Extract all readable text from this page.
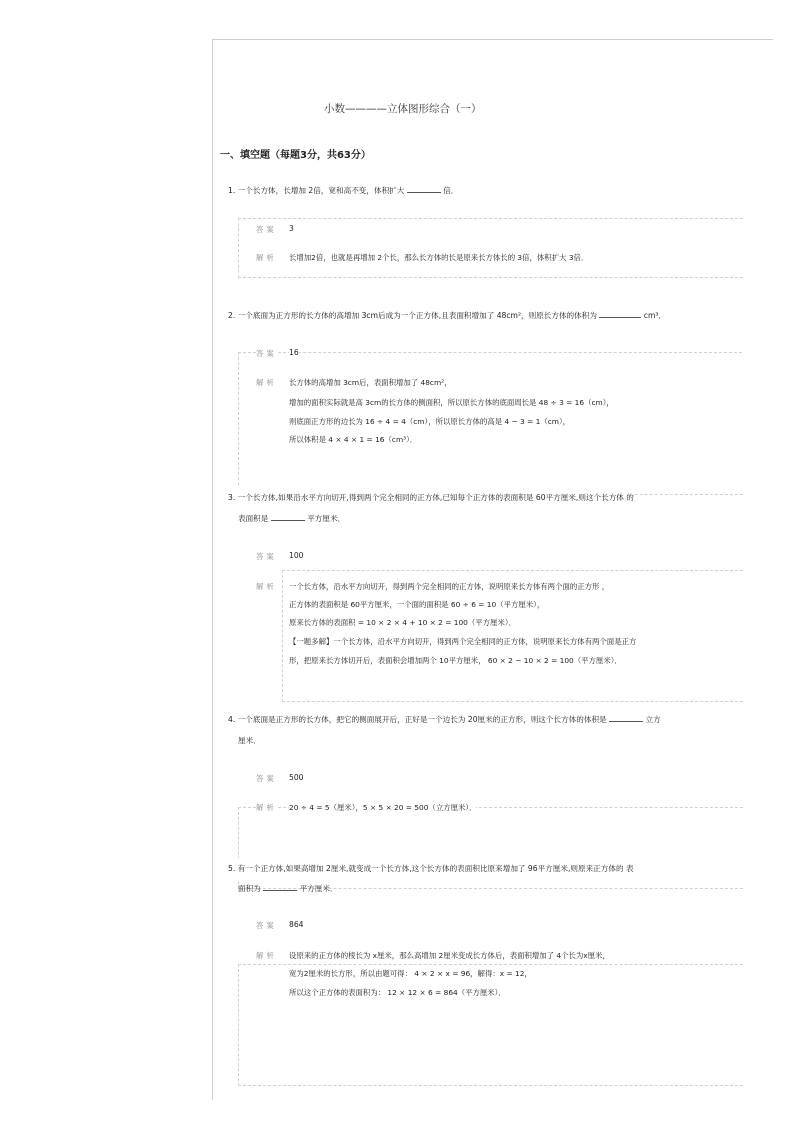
小数————立体图形综合（一）
一、填空题（每题3分，共63分）
1. 一个长方体，长增加 2倍，宽和高不变，体积扩大	倍．
答案 3
解析 长增加2倍，也就是再增加 2个长，那么长方体的长是原来长方体长的 3倍，体积扩大 3倍．
2. 一个底面为正方形的长方体的高增加 3cm后成为一个正方体,且表面积增加了 48cm²，则原长方体的体积为	cm³．
答案 16
解析 长方体的高增加 3cm后，表面积增加了 48cm²，
增加的面积实际就是高 3cm的长方体的侧面积，所以原长方体的底面周长是 48 ÷ 3 = 16（cm），
则底面正方形的边长为 16 ÷ 4 = 4（cm），所以原长方体的高是 4 − 3 = 1（cm），
所以体积是 4 × 4 × 1 = 16（cm³）．
3. 一个长方体,如果沿水平方向切开,得到两个完全相同的正方体,已知每个正方体的表面积是 60平方厘米,则这个长方体 的
表面积是	平方厘米．
答案 100
解析 一个长方体，沿水平方向切开，得到两个完全相同的正方体，说明原来长方体有两个面的正方形 ，
正方体的表面积是 60平方厘米，一个面的面积是 60 ÷ 6 = 10（平方厘米），
原来长方体的表面积 = 10 × 2 × 4 + 10 × 2 = 100（平方厘米）．
【一题多解】一个长方体，沿水平方向切开，得到两个完全相同的正方体，说明原来长方体有两个面是正方
形，把原来长方体切开后，表面积会增加两个 10平方厘米， 60 × 2 − 10 × 2 = 100（平方厘米）．
4. 一个底面是正方形的长方体，把它的侧面展开后，正好是一个边长为 20厘米的正方形，则这个长方体的体积是	立方
厘米．
答案 500
解析 20 ÷ 4 = 5（厘米），5 × 5 × 20 = 500（立方厘米）．
5. 有一个正方体,如果高增加 2厘米,就变成一个长方体,这个长方体的表面积比原来增加了 96平方厘米,则原来正方体的 表
面积为	平方厘米．
答案 864
解析 设原来的正方体的棱长为 x厘米，那么高增加 2厘米变成长方体后，表面积增加了 4个长为x厘米，
宽为2厘米的长方形，所以由题可得： 4 × 2 × x = 96，解得：x = 12，
所以这个正方体的表面积为： 12 × 12 × 6 = 864（平方厘米）．
